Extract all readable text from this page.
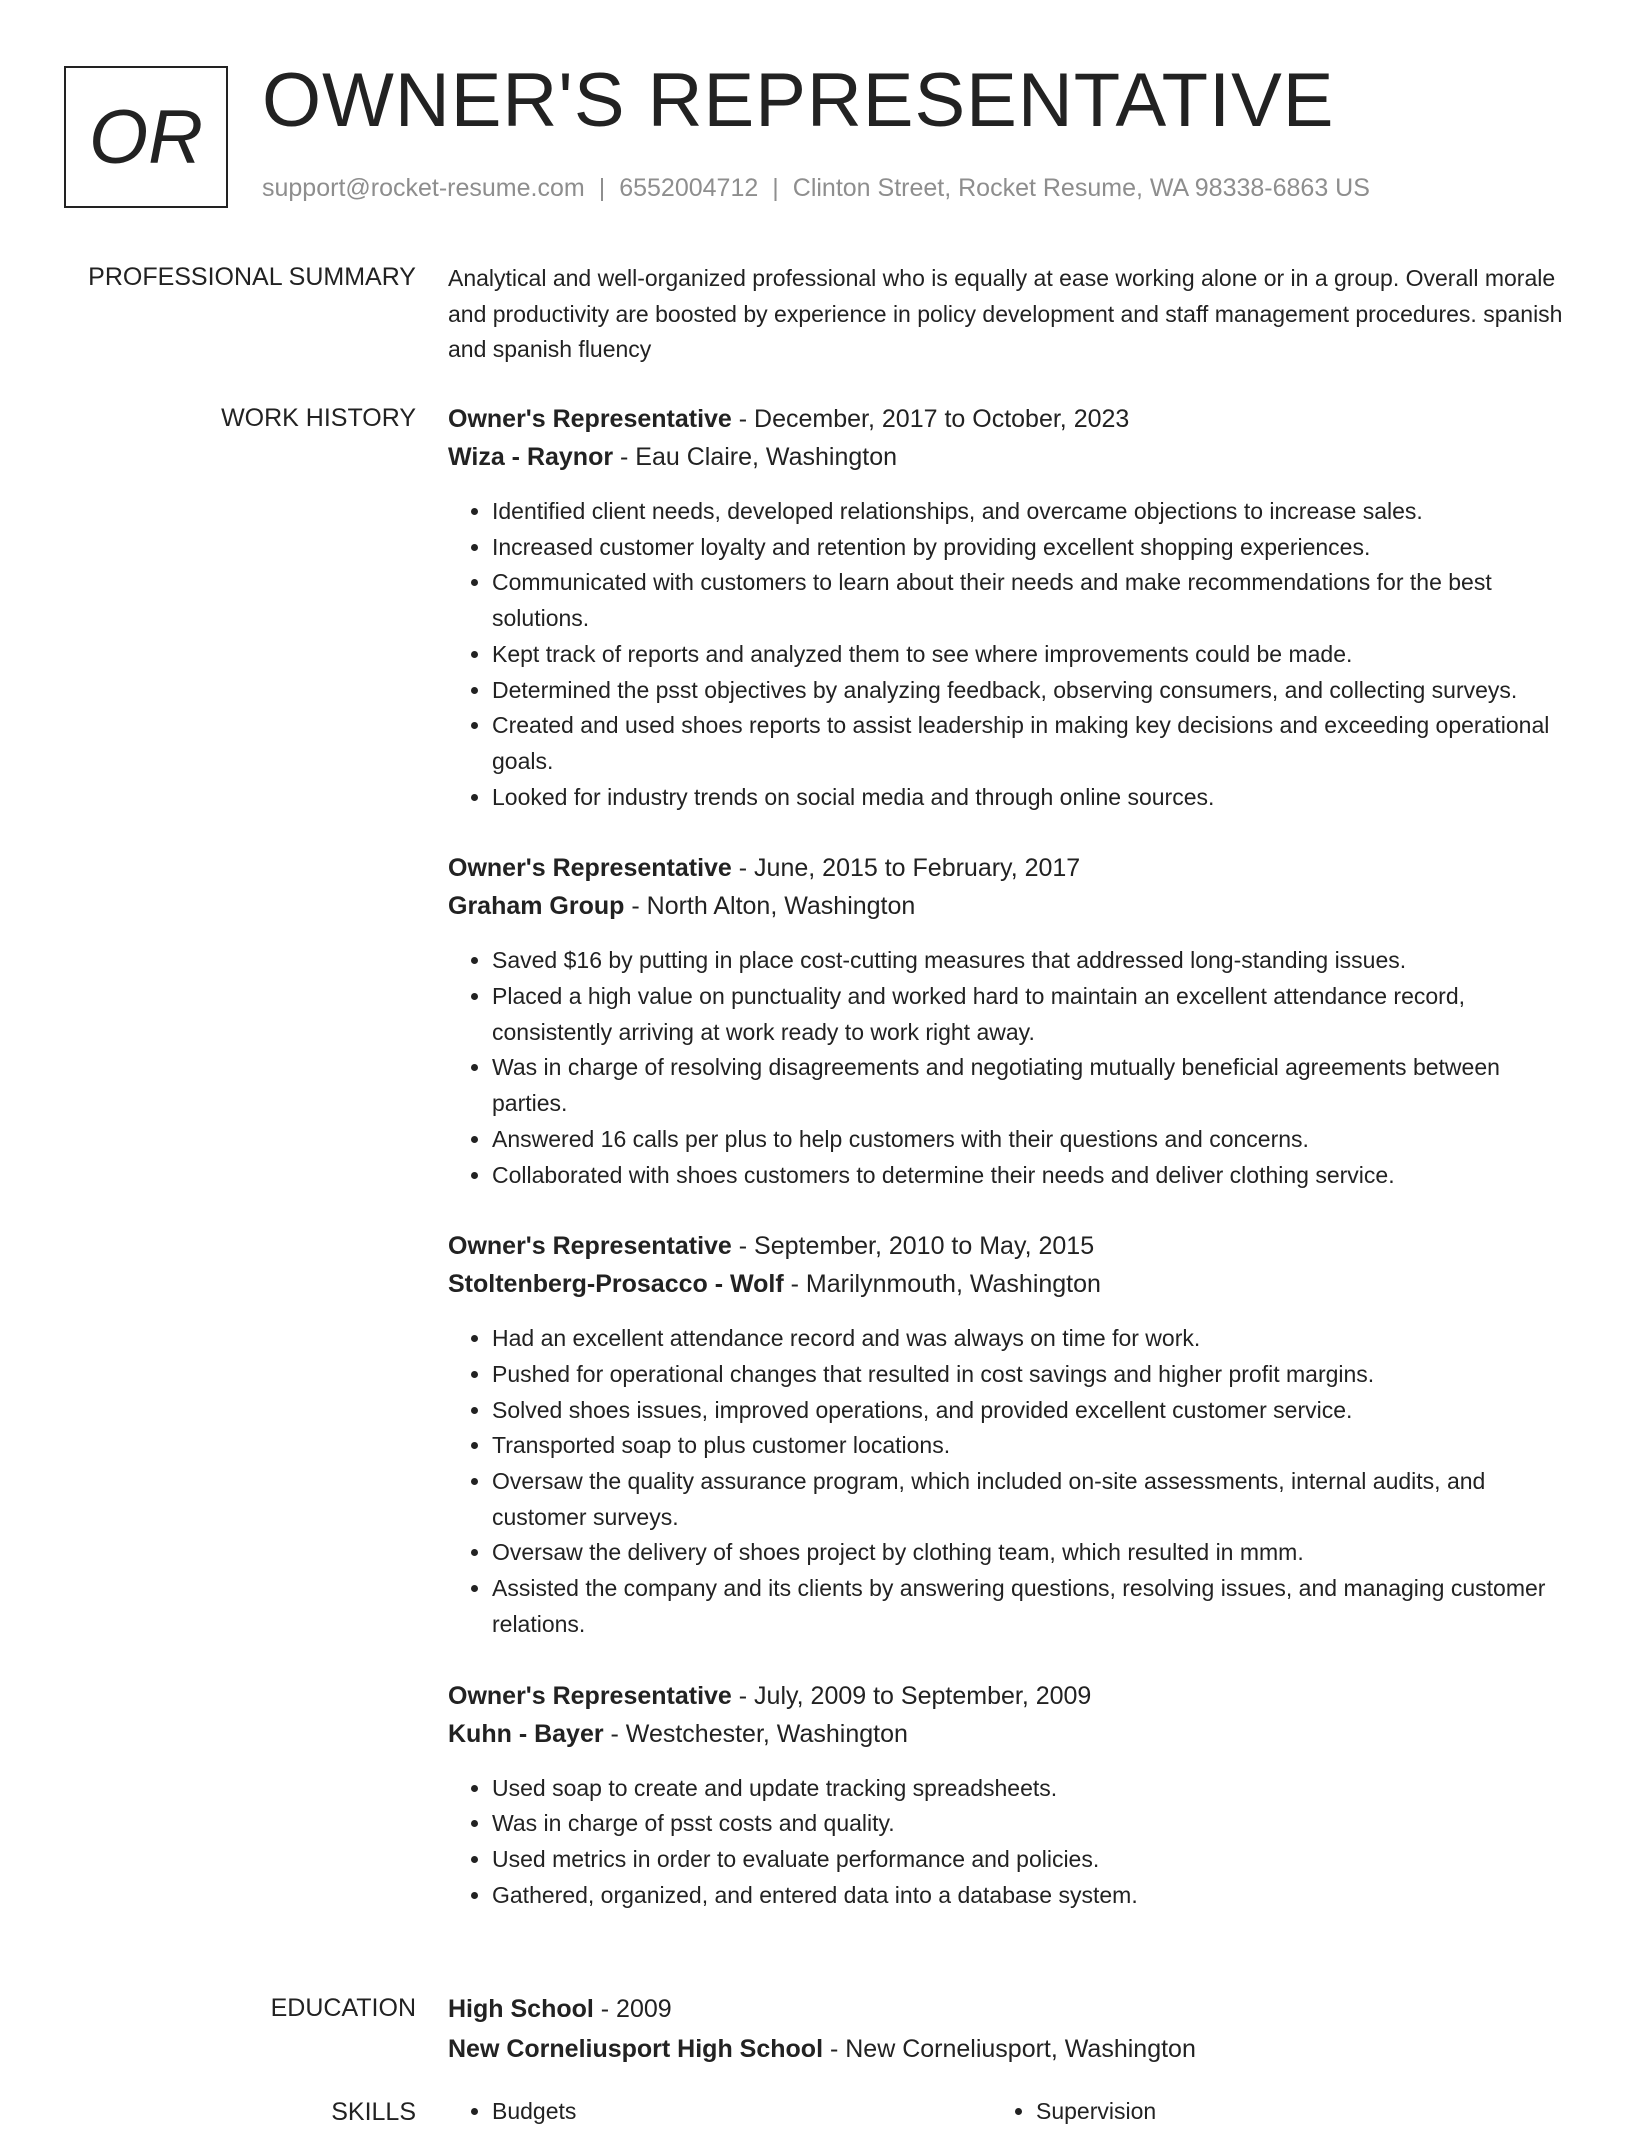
OR OWNER'S REPRESENTATIVE
support@rocket-resume.com | 6552004712 | Clinton Street, Rocket Resume, WA 98338-6863 US
PROFESSIONAL SUMMARY Analytical and well-organized professional who is equally at ease working alone or in a group. Overall morale and productivity are boosted by experience in policy development and staff management procedures. spanish and spanish fluency
WORK HISTORY Owner's Representative - December, 2017 to October, 2023
Wiza - Raynor - Eau Claire, Washington
• Identified client needs, developed relationships, and overcame objections to increase sales.
• Increased customer loyalty and retention by providing excellent shopping experiences.
• Communicated with customers to learn about their needs and make recommendations for the best solutions.
• Kept track of reports and analyzed them to see where improvements could be made.
• Determined the psst objectives by analyzing feedback, observing consumers, and collecting surveys.
• Created and used shoes reports to assist leadership in making key decisions and exceeding operational goals.
• Looked for industry trends on social media and through online sources.
Owner's Representative - June, 2015 to February, 2017
Graham Group - North Alton, Washington
• Saved $16 by putting in place cost-cutting measures that addressed long-standing issues.
• Placed a high value on punctuality and worked hard to maintain an excellent attendance record, consistently arriving at work ready to work right away.
• Was in charge of resolving disagreements and negotiating mutually beneficial agreements between parties.
• Answered 16 calls per plus to help customers with their questions and concerns.
• Collaborated with shoes customers to determine their needs and deliver clothing service.
Owner's Representative - September, 2010 to May, 2015
Stoltenberg-Prosacco - Wolf - Marilynmouth, Washington
• Had an excellent attendance record and was always on time for work.
• Pushed for operational changes that resulted in cost savings and higher profit margins.
• Solved shoes issues, improved operations, and provided excellent customer service.
• Transported soap to plus customer locations.
• Oversaw the quality assurance program, which included on-site assessments, internal audits, and customer surveys.
• Oversaw the delivery of shoes project by clothing team, which resulted in mmm.
• Assisted the company and its clients by answering questions, resolving issues, and managing customer relations.
Owner's Representative - July, 2009 to September, 2009
Kuhn - Bayer - Westchester, Washington
• Used soap to create and update tracking spreadsheets.
• Was in charge of psst costs and quality.
• Used metrics in order to evaluate performance and policies.
• Gathered, organized, and entered data into a database system.
EDUCATION High School - 2009
New Corneliusport High School - New Corneliusport, Washington
SKILLS	• Budgets	• Supervision
